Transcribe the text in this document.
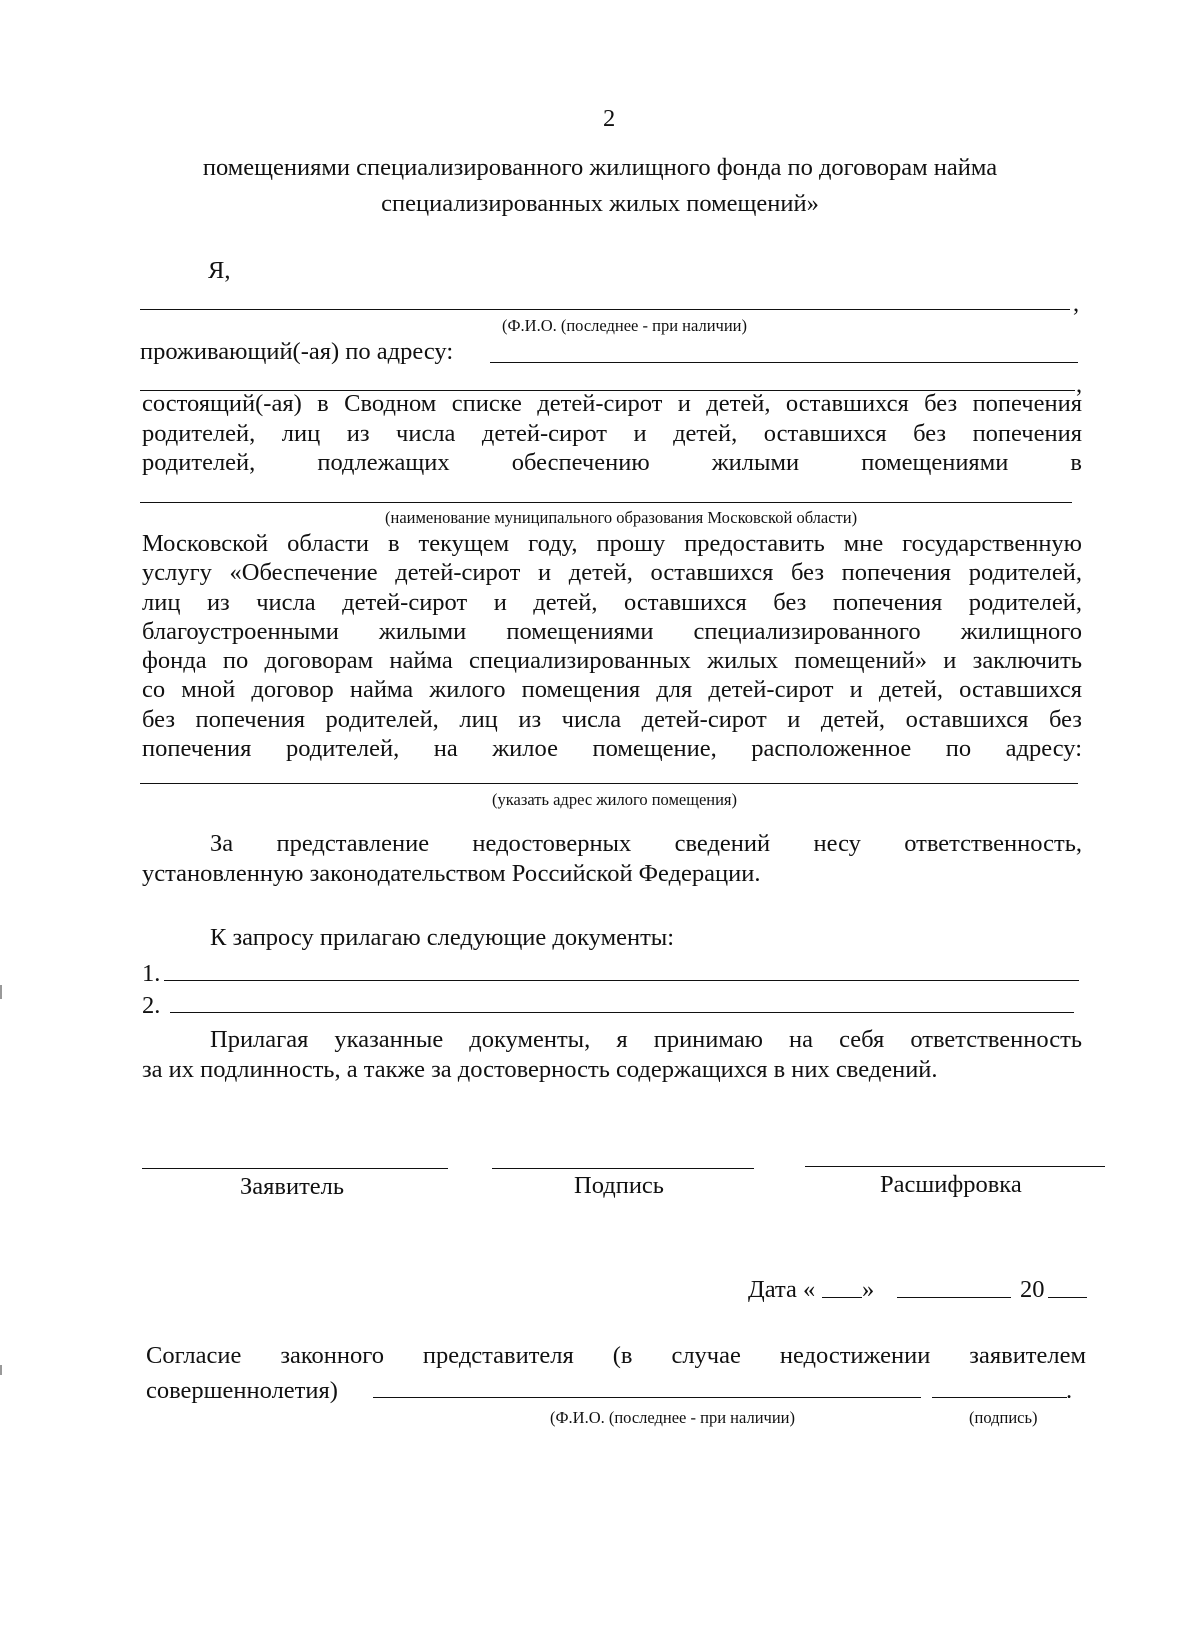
2
помещениями специализированного жилищного фонда по договорам найма
специализированных жилых помещений»
Я,
,
(Ф.И.О. (последнее - при наличии)
проживающий(-ая) по адресу:
,
состоящий(-ая) в Сводном списке детей-сирот и детей, оставшихся без попечения
родителей, лиц из числа детей-сирот и детей, оставшихся без попечения
родителей, подлежащих обеспечению жилыми помещениями в
(наименование муниципального образования Московской области)
Московской области в текущем году, прошу предоставить мне государственную
услугу «Обеспечение детей-сирот и детей, оставшихся без попечения родителей,
лиц из числа детей-сирот и детей, оставшихся без попечения родителей,
благоустроенными жилыми помещениями специализированного жилищного
фонда по договорам найма специализированных жилых помещений» и заключить
со мной договор найма жилого помещения для детей-сирот и детей, оставшихся
без попечения родителей, лиц из числа детей-сирот и детей, оставшихся без
попечения родителей, на жилое помещение, расположенное по адресу:
(указать адрес жилого помещения)
За представление недостоверных сведений несу ответственность,
установленную законодательством Российской Федерации.
К запросу прилагаю следующие документы:
1.
2.
Прилагая указанные документы, я принимаю на себя ответственность
за их подлинность, а также за достоверность содержащихся в них сведений.
Заявитель	Подпись	Расшифровка
Дата « »	20
Согласие законного представителя (в случае недостижении заявителем
совершеннолетия)	.
(Ф.И.О. (последнее - при наличии)	(подпись)
